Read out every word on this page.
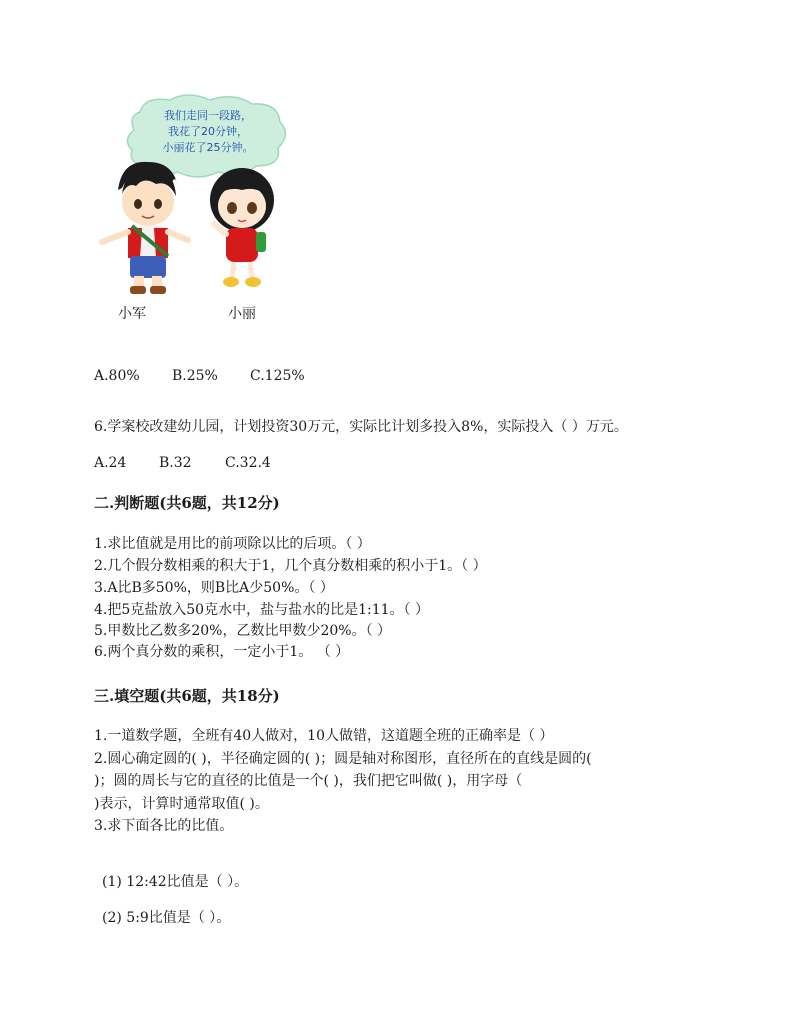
我们走同一段路，
我花了20分钟，
小丽花了25分钟。
小军	小丽
A.80% B.25% C.125%
6.学案校改建幼儿园，计划投资30万元，实际比计划多投入8%，实际投入（ ）万元。
A.24 B.32 C.32.4
二.判断题(共6题，共12分)
1.求比值就是用比的前项除以比的后项。（ ）
2.几个假分数相乘的积大于1，几个真分数相乘的积小于1。（ ）
3.A比B多50%，则B比A少50%。（ ）
4.把5克盐放入50克水中，盐与盐水的比是1:11。（ ）
5.甲数比乙数多20%，乙数比甲数少20%。（ ）
6.两个真分数的乘积，一定小于1。 （ ）
三.填空题(共6题，共18分)
1.一道数学题，全班有40人做对，10人做错，这道题全班的正确率是（ ）
2.圆心确定圆的( )，半径确定圆的( )；圆是轴对称图形，直径所在的直线是圆的(
)；圆的周长与它的直径的比值是一个( )，我们把它叫做( )，用字母（
)表示，计算时通常取值( )。
3.求下面各比的比值。
(1) 12:42比值是（ ）。
(2) 5:9比值是（ ）。
